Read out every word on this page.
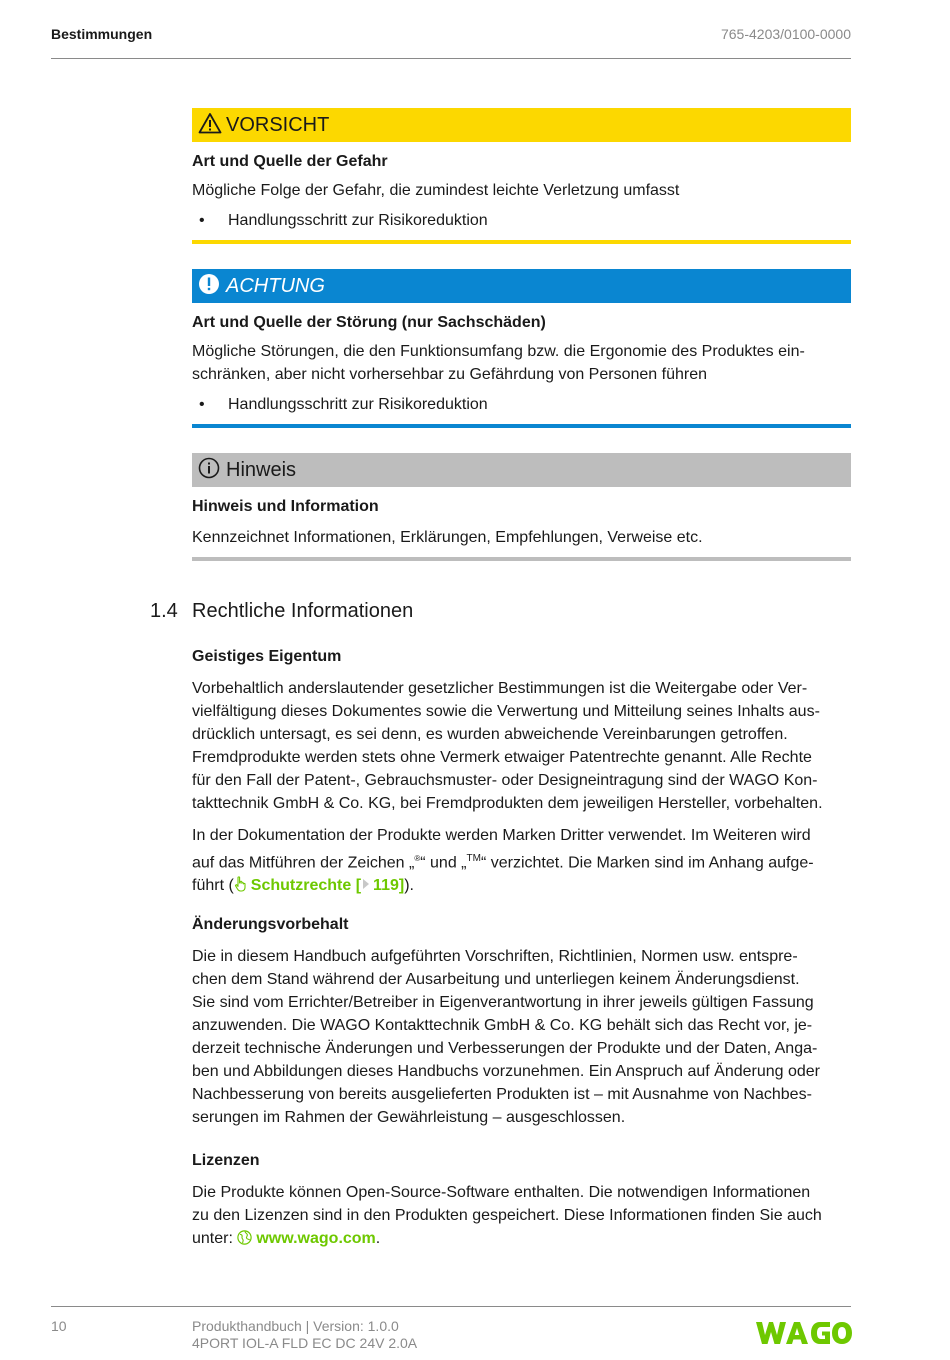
Bestimmungen	765-4203/0100-0000
VORSICHT
Art und Quelle der Gefahr
Mögliche Folge der Gefahr, die zumindest leichte Verletzung umfasst
•	Handlungsschritt zur Risikoreduktion
ACHTUNG
Art und Quelle der Störung (nur Sachschäden)
Mögliche Störungen, die den Funktionsumfang bzw. die Ergonomie des Produktes ein-
schränken, aber nicht vorhersehbar zu Gefährdung von Personen führen
•	Handlungsschritt zur Risikoreduktion
Hinweis
Hinweis und Information
Kennzeichnet Informationen, Erklärungen, Empfehlungen, Verweise etc.
1.4 Rechtliche Informationen
Geistiges Eigentum
Vorbehaltlich anderslautender gesetzlicher Bestimmungen ist die Weitergabe oder Ver-
vielfältigung dieses Dokumentes sowie die Verwertung und Mitteilung seines Inhalts aus-
drücklich untersagt, es sei denn, es wurden abweichende Vereinbarungen getroffen.
Fremdprodukte werden stets ohne Vermerk etwaiger Patentrechte genannt. Alle Rechte
für den Fall der Patent-, Gebrauchsmuster- oder Designeintragung sind der WAGO Kon-
takttechnik GmbH & Co. KG, bei Fremdprodukten dem jeweiligen Hersteller, vorbehalten.
In der Dokumentation der Produkte werden Marken Dritter verwendet. Im Weiteren wird
auf das Mitführen der Zeichen „®“ und „™“ verzichtet. Die Marken sind im Anhang aufge-
führt ( Schutzrechte [ 119]).
Änderungsvorbehalt
Die in diesem Handbuch aufgeführten Vorschriften, Richtlinien, Normen usw. entspre-
chen dem Stand während der Ausarbeitung und unterliegen keinem Änderungsdienst.
Sie sind vom Errichter/Betreiber in Eigenverantwortung in ihrer jeweils gültigen Fassung
anzuwenden. Die WAGO Kontakttechnik GmbH & Co. KG behält sich das Recht vor, je-
derzeit technische Änderungen und Verbesserungen der Produkte und der Daten, Anga-
ben und Abbildungen dieses Handbuchs vorzunehmen. Ein Anspruch auf Änderung oder
Nachbesserung von bereits ausgelieferten Produkten ist – mit Ausnahme von Nachbes-
serungen im Rahmen der Gewährleistung – ausgeschlossen.
Lizenzen
Die Produkte können Open-Source-Software enthalten. Die notwendigen Informationen
zu den Lizenzen sind in den Produkten gespeichert. Diese Informationen finden Sie auch
unter: www.wago.com.
10	Produkthandbuch | Version: 1.0.0
4PORT IOL-A FLD EC DC 24V 2.0A
